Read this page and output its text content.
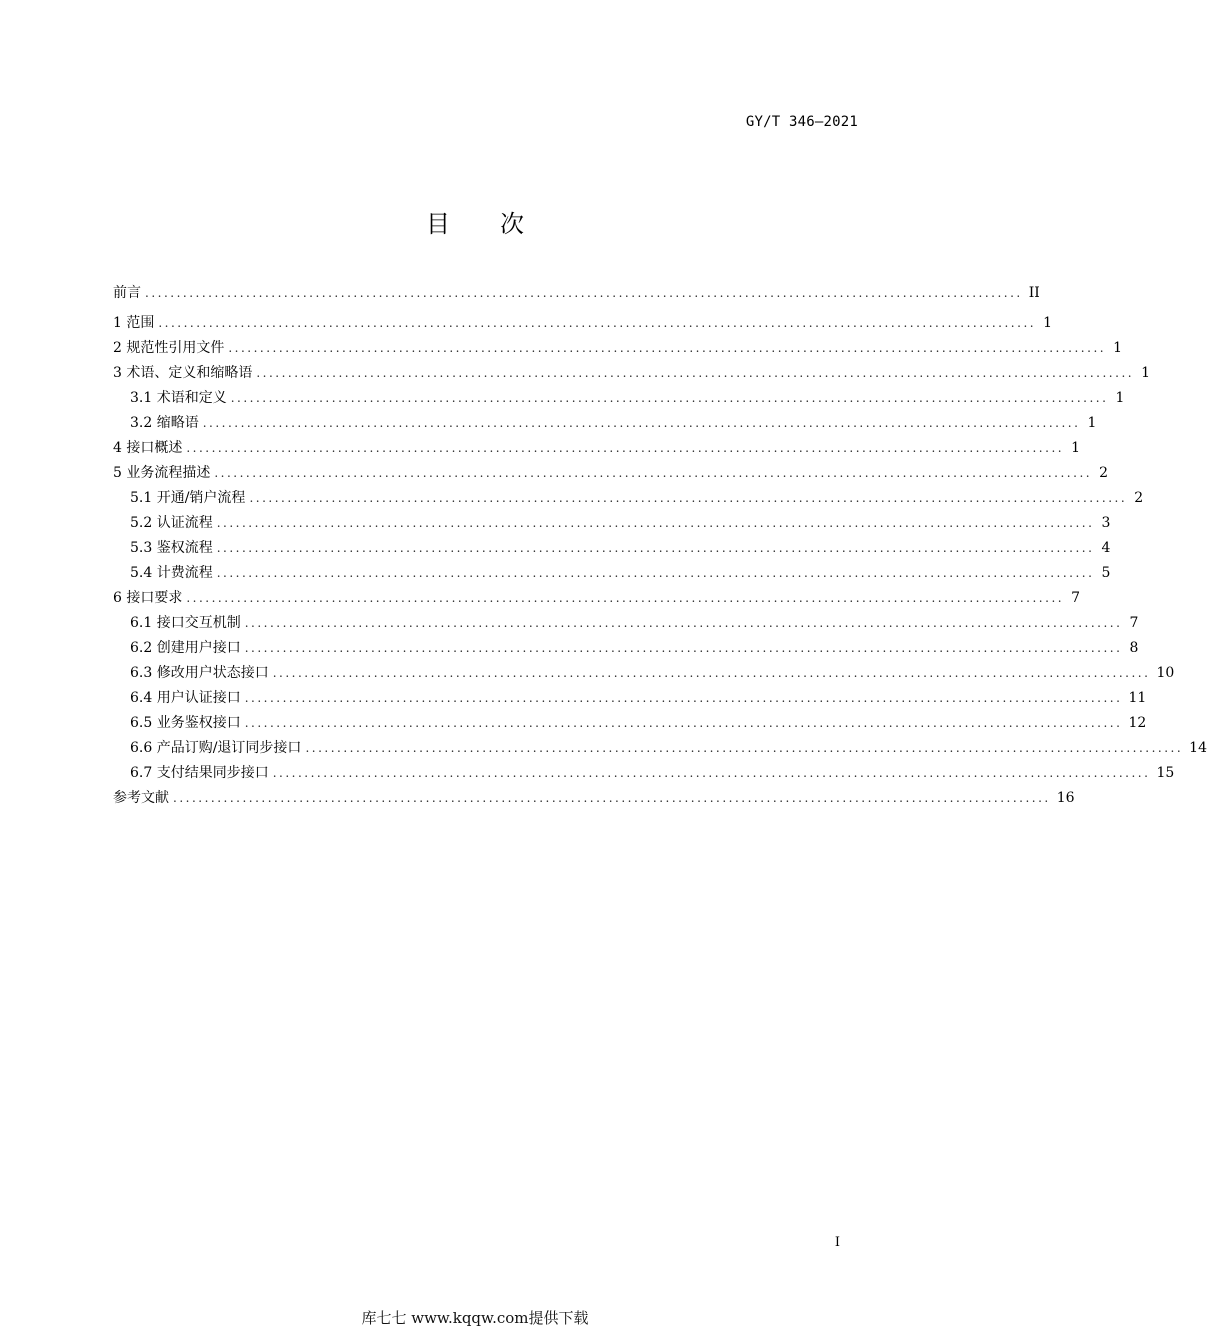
GY/T 346—2021
目次
前言 ........................................................................................................................................... II
1 范围 ........................................................................................................................................... 1
2 规范性引用文件 ........................................................................................................................................... 1
3 术语、定义和缩略语 ........................................................................................................................................... 1
3.1 术语和定义 ........................................................................................................................................... 1
3.2 缩略语 ........................................................................................................................................... 1
4 接口概述 ........................................................................................................................................... 1
5 业务流程描述 ........................................................................................................................................... 2
5.1 开通/销户流程 ........................................................................................................................................... 2
5.2 认证流程 ........................................................................................................................................... 3
5.3 鉴权流程 ........................................................................................................................................... 4
5.4 计费流程 ........................................................................................................................................... 5
6 接口要求 ........................................................................................................................................... 7
6.1 接口交互机制 ........................................................................................................................................... 7
6.2 创建用户接口 ........................................................................................................................................... 8
6.3 修改用户状态接口 ........................................................................................................................................... 10
6.4 用户认证接口 ........................................................................................................................................... 11
6.5 业务鉴权接口 ........................................................................................................................................... 12
6.6 产品订购/退订同步接口 ........................................................................................................................................... 14
6.7 支付结果同步接口 ........................................................................................................................................... 15
参考文献 ........................................................................................................................................... 16
I
库七七 www.kqqw.com提供下载
